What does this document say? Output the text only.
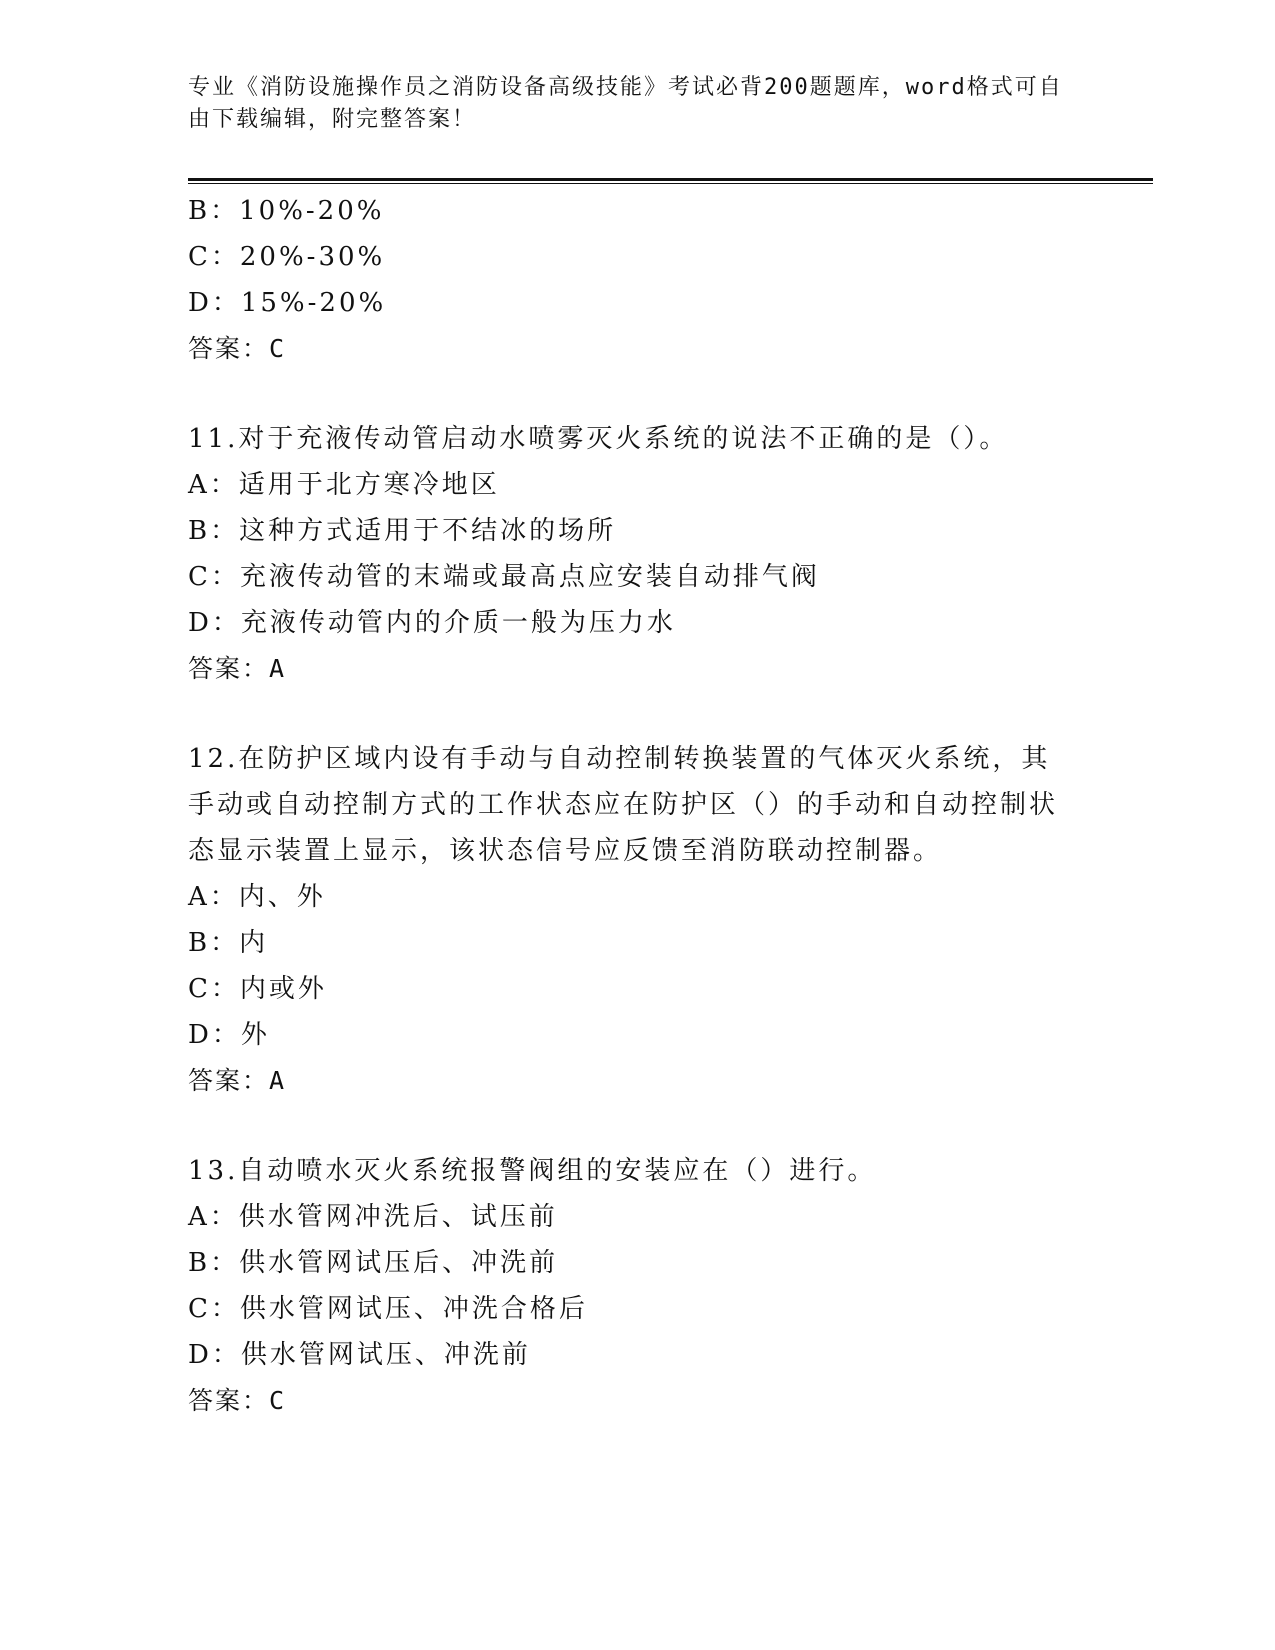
专业《消防设施操作员之消防设备高级技能》考试必背200题题库，word格式可自由下载编辑，附完整答案！
B：10%-20%
C：20%-30%
D：15%-20%
答案：C
11.对于充液传动管启动水喷雾灭火系统的说法不正确的是（）。
A：适用于北方寒冷地区
B：这种方式适用于不结冰的场所
C：充液传动管的末端或最高点应安装自动排气阀
D：充液传动管内的介质一般为压力水
答案：A
12.在防护区域内设有手动与自动控制转换装置的气体灭火系统，其手动或自动控制方式的工作状态应在防护区（）的手动和自动控制状态显示装置上显示，该状态信号应反馈至消防联动控制器。
A：内、外
B：内
C：内或外
D：外
答案：A
13.自动喷水灭火系统报警阀组的安装应在（）进行。
A：供水管网冲洗后、试压前
B：供水管网试压后、冲洗前
C：供水管网试压、冲洗合格后
D：供水管网试压、冲洗前
答案：C
